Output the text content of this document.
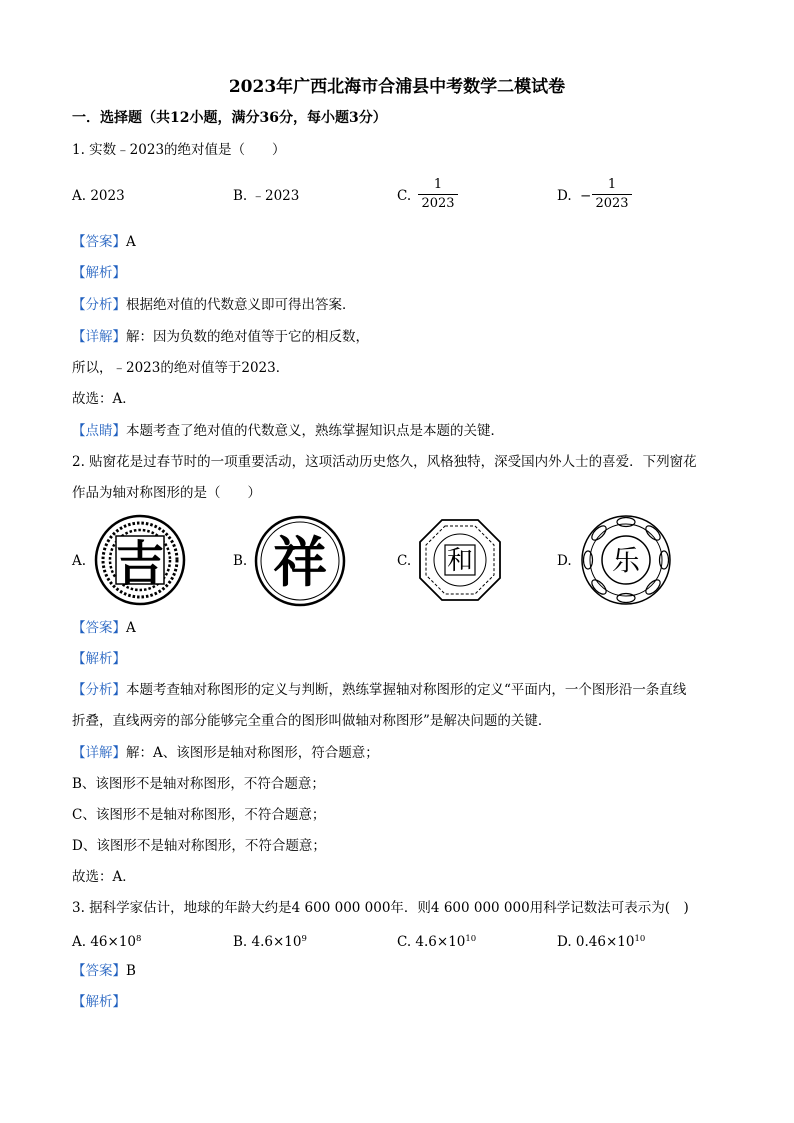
2023年广西北海市合浦县中考数学二模试卷
一．选择题（共12小题，满分36分，每小题3分）
1. 实数﹣2023的绝对值是（　　）
A. 2023	B. ﹣2023	C. $\frac{1}{2023}$	D. − $\frac{1}{2023}$
【答案】A
【解析】
【分析】根据绝对值的代数意义即可得出答案．
【详解】解：因为负数的绝对值等于它的相反数，
所以，﹣2023的绝对值等于2023．
故选：A．
【点睛】本题考查了绝对值的代数意义，熟练掌握知识点是本题的关键．
2. 贴窗花是过春节时的一项重要活动，这项活动历史悠久，风格独特，深受国内外人士的喜爱．下列窗花
作品为轴对称图形的是（　　）
A. 吉	B. 祥	C. 和	D. 乐
【答案】A
【解析】
【分析】本题考查轴对称图形的定义与判断，熟练掌握轴对称图形的定义“平面内，一个图形沿一条直线
折叠，直线两旁的部分能够完全重合的图形叫做轴对称图形”是解决问题的关键．
【详解】解：A、该图形是轴对称图形，符合题意；
B、该图形不是轴对称图形，不符合题意；
C、该图形不是轴对称图形，不符合题意；
D、该图形不是轴对称图形，不符合题意；
故选：A．
3. 据科学家估计，地球的年龄大约是4 600 000 000年．则4 600 000 000用科学记数法可表示为(　)
A. $46\times 10^8$	B. $4.6\times 10^9$	C. $4.6\times 10^{10}$	D. $0.46\times 10^{10}$
【答案】B
【解析】
